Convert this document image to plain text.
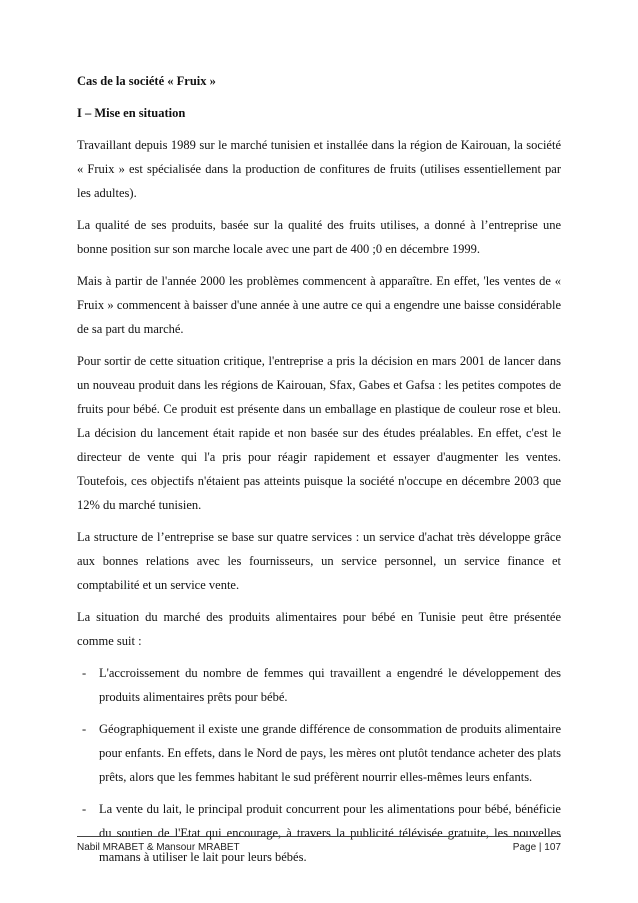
Cas de la société « Fruix »

I – Mise en situation

Travaillant depuis 1989 sur le marché tunisien et installée dans la région de Kairouan, la société « Fruix » est spécialisée dans la production de confitures de fruits (utilises essentiellement par les adultes).

La qualité de ses produits, basée sur la qualité des fruits utilises, a donné à l’entreprise une bonne position sur son marche locale avec une part de 400 ;0 en décembre 1999.

Mais à partir de l'année 2000 les problèmes commencent à apparaître. En effet, 'les ventes de « Fruix » commencent à baisser d'une année à une autre ce qui a engendre une baisse considérable de sa part du marché.

Pour sortir de cette situation critique, l'entreprise a pris la décision en mars 2001 de lancer dans un nouveau produit dans les régions de Kairouan, Sfax, Gabes et Gafsa : les petites compotes de fruits pour bébé. Ce produit est présente dans un emballage en plastique de couleur rose et bleu. La décision du lancement était rapide et non basée sur des études préalables. En effet, c'est le directeur de vente qui l'a pris pour réagir rapidement et essayer d'augmenter les ventes. Toutefois, ces objectifs n'étaient pas atteints puisque la société n'occupe en décembre 2003 que 12% du marché tunisien.

La structure de l’entreprise se base sur quatre services : un service d'achat très développe grâce aux bonnes relations avec les fournisseurs, un service personnel, un service finance et comptabilité et un service vente.

La situation du marché des produits alimentaires pour bébé en Tunisie peut être présentée comme suit :

- L'accroissement du nombre de femmes qui travaillent a engendré le développement des produits alimentaires prêts pour bébé.
- Géographiquement il existe une grande différence de consommation de produits alimentaire pour enfants. En effets, dans le Nord de pays, les mères ont plutôt tendance acheter des plats prêts, alors que les femmes habitant le sud préfèrent nourrir elles-mêmes leurs enfants.
- La vente du lait, le principal produit concurrent pour les alimentations pour bébé, bénéficie du soutien de l'Etat qui encourage, à travers la publicité télévisée gratuite, les nouvelles mamans à utiliser le lait pour leurs bébés.
Nabil MRABET & Mansour MRABET	Page | 107
